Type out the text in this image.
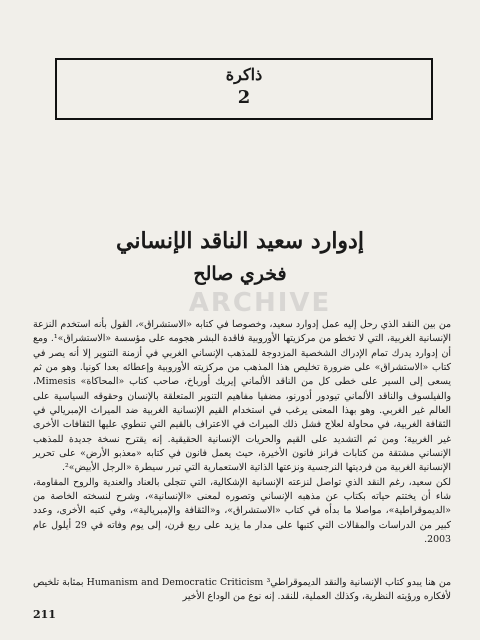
ذاكرة
2
إدوارد سعيد الناقد الإنساني
فخري صالح
ARCHIVE

من بين النقد الذي رحل إليه عمل إدوارد سعيد، وخصوصا في كتابه «الاستشراق»، القول بأنه استخدم النزعة الإنسانية الغربية، التي لا تخطو من مركزيتها الأوروبية فاقدة البشر هجومه على مؤسسة «الاستشراق»¹. ومع أن إدوارد يدرك تمام الإدراك الشخصية المزدوجة للمذهب الإنساني الغربي في أزمنة التنوير إلا أنه يصر في كتاب «الاستشراق» على ضرورة تخليص هذا المذهب من مركزيته الأوروبية وإعطائه بعدا كونيا. وهو من ثم يسعى إلى السير على خطى كل من الناقد الألماني إيريك أورباخ، صاحب كتاب «المحاكاة» Mimesis، والفيلسوف والناقد الألماني تيودور أدورنو، مضفيا مفاهيم التنوير المتعلقة بالإنسان وحقوقه السياسية على العالم غير الغربي. وهو بهذا المعنى يرغب في استخدام القيم الإنسانية الغربية ضد الميراث الإمبريالي في الثقافة الغربية، في محاولة لعلاج فشل ذلك الميراث في الاعتراف بالقيم التي تنطوي عليها الثقافات الأخرى غير الغربية؛ ومن ثم التشديد على القيم والحريات الإنسانية الحقيقية. إنه يقترح نسخة جديدة للمذهب الإنساني مشتقة من كتابات فرانز فانون الأخيرة، حيث يعمل فانون في كتابه «معذبو الأرض» على تحرير الإنسانية الغربية من فرديتها النرجسية ونزعتها الذاتية الاستعمارية التي تبرر سيطرة «الرجل الأبيض»².

لكن سعيد، رغم النقد الذي تواصل لنزعته الإنسانية الإشكالية، التي تتجلى بالعناد والعندية والروح المقاومة، شاء أن يختتم حياته بكتاب عن مذهبه الإنساني وتصوره لمعنى «الإنسانية»، وشرح لنسخته الخاصة من «الديموقراطية»، مواصلا ما بدأه في كتاب «الاستشراق»، و«الثقافة والإمبريالية»، وفي كتبه الأخرى، وعدد كبير من الدراسات والمقالات التي كتبها على مدار ما يزيد على ربع قرن، إلى يوم وفاته في 29 أيلول عام 2003.

من هنا يبدو كتاب الإنسانية والنقد الديموقراطي³ Humanism and Democratic Criticism بمثابة تلخيص لأفكاره ورؤيته النظرية، وكذلك العملية، للنقد. إنه نوع من الوداع الأخير
211
